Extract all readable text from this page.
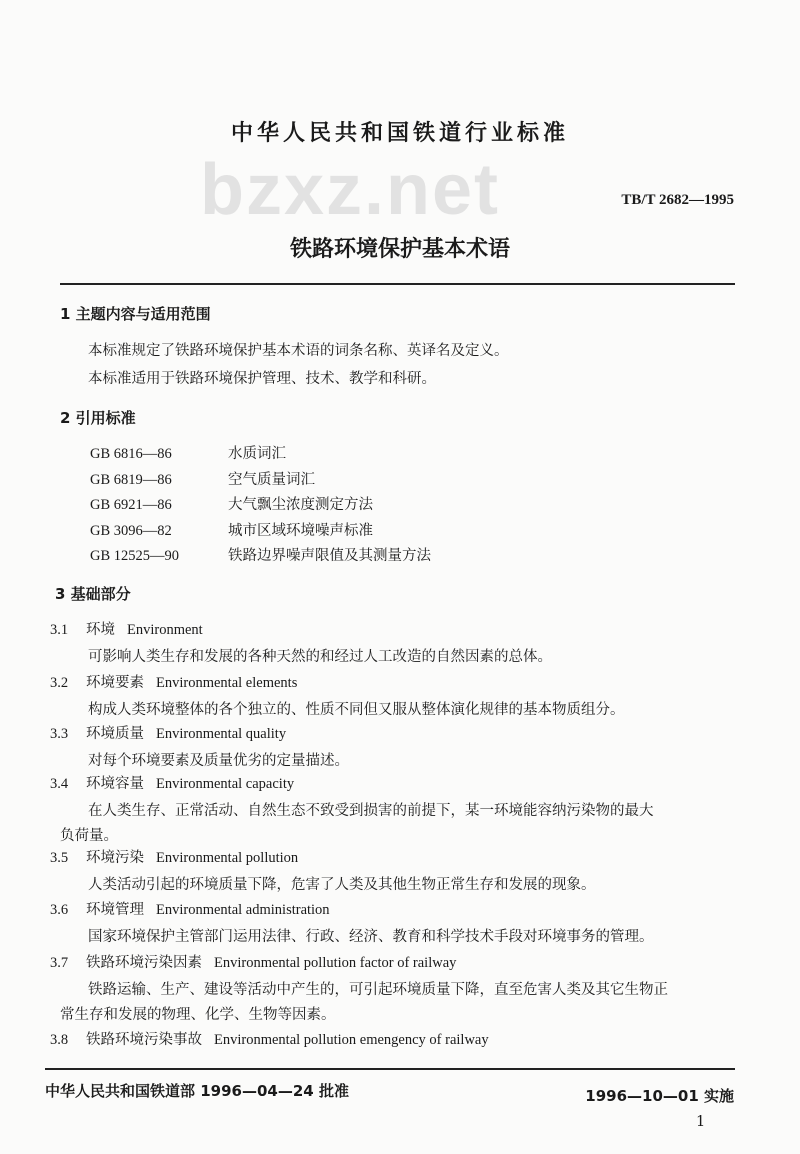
中华人民共和国铁道行业标准
bzxz.net	TB/T 2682—1995
铁路环境保护基本术语
1 主题内容与适用范围
本标准规定了铁路环境保护基本术语的词条名称、英译名及定义。
本标准适用于铁路环境保护管理、技术、教学和科研。
2 引用标准
GB 6816—86	水质词汇
GB 6819—86	空气质量词汇
GB 6921—86	大气飘尘浓度测定方法
GB 3096—82	城市区域环境噪声标准
GB 12525—90	铁路边界噪声限值及其测量方法
3 基础部分
3.1 环境 Environment
可影响人类生存和发展的各种天然的和经过人工改造的自然因素的总体。
3.2 环境要素 Environmental elements
构成人类环境整体的各个独立的、性质不同但又服从整体演化规律的基本物质组分。
3.3 环境质量 Environmental quality
对每个环境要素及质量优劣的定量描述。
3.4 环境容量 Environmental capacity
在人类生存、正常活动、自然生态不致受到损害的前提下，某一环境能容纳污染物的最大
负荷量。
3.5 环境污染 Environmental pollution
人类活动引起的环境质量下降，危害了人类及其他生物正常生存和发展的现象。
3.6 环境管理 Environmental administration
国家环境保护主管部门运用法律、行政、经济、教育和科学技术手段对环境事务的管理。
3.7 铁路环境污染因素 Environmental pollution factor of railway
铁路运输、生产、建设等活动中产生的，可引起环境质量下降，直至危害人类及其它生物正
常生存和发展的物理、化学、生物等因素。
3.8 铁路环境污染事故 Environmental pollution emengency of railway
中华人民共和国铁道部 1996—04—24 批准	1996—10—01 实施
1
